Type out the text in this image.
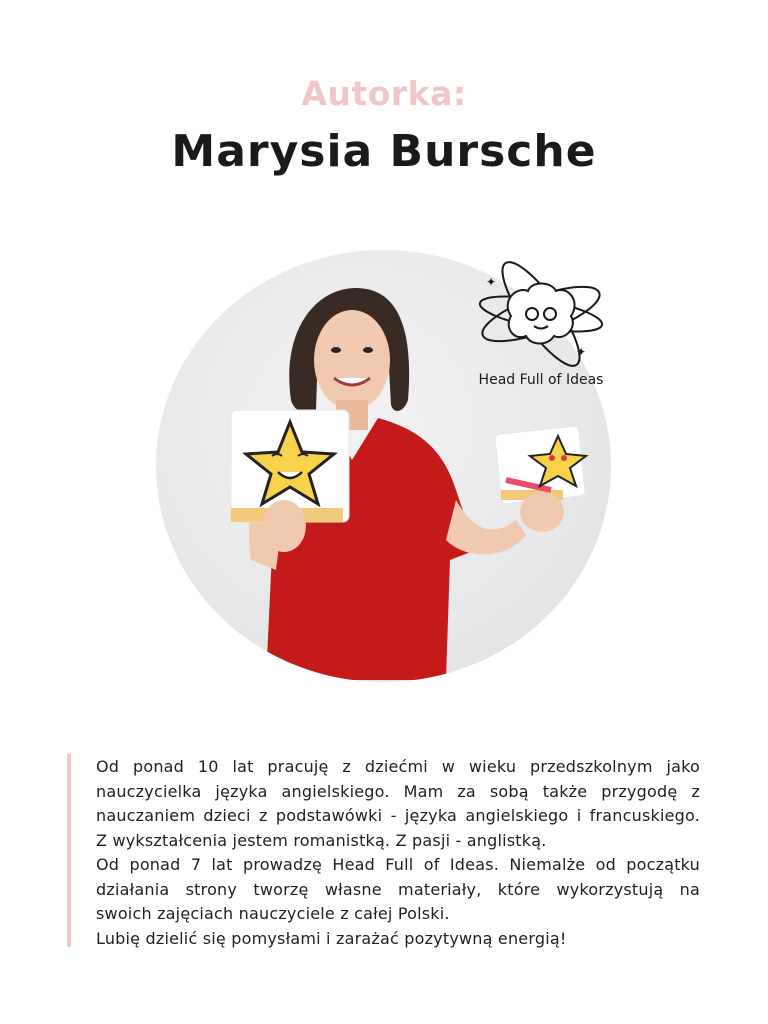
Autorka:
Marysia Bursche
✦
✦
Head Full of Ideas

Od ponad 10 lat pracuję z dziećmi w wieku przedszkolnym jako

nauczycielka języka angielskiego. Mam za sobą także przygodę z

nauczaniem dzieci z podstawówki - języka angielskiego i francuskiego.

Z wykształcenia jestem romanistką. Z pasji - anglistką.

Od ponad 7 lat prowadzę Head Full of Ideas. Niemalże od początku

działania strony tworzę własne materiały, które wykorzystują na

swoich zajęciach nauczyciele z całej Polski.

Lubię dzielić się pomysłami i zarażać pozytywną energią!
